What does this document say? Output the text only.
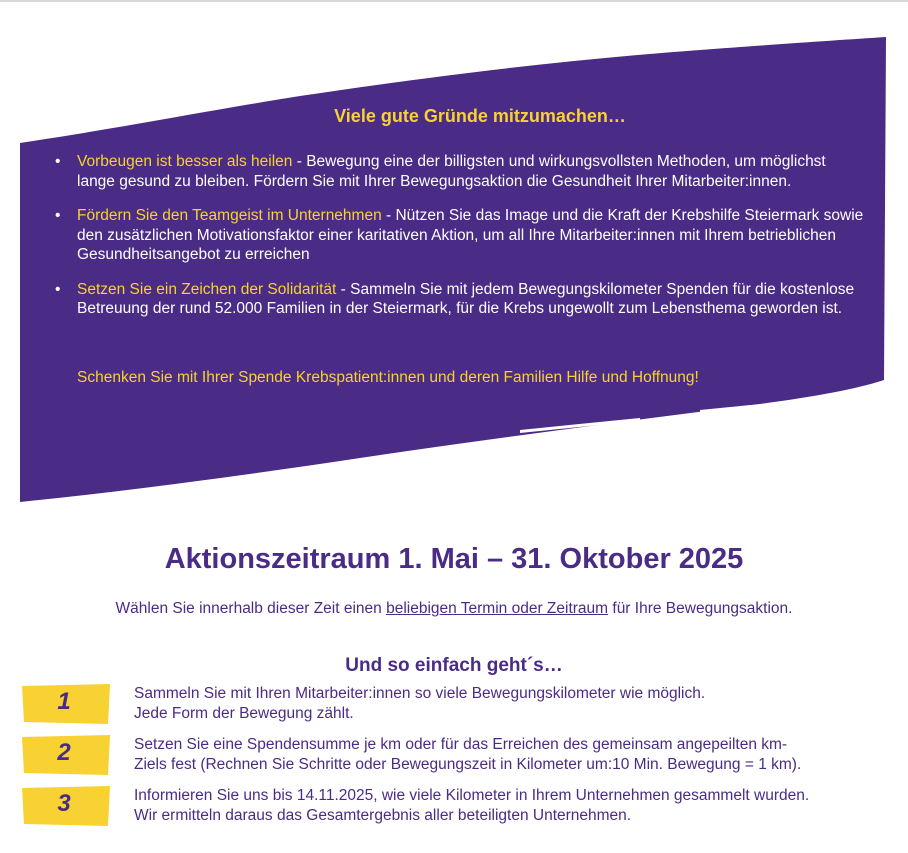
Viele gute Gründe mitzumachen…
• Vorbeugen ist besser als heilen - Bewegung eine der billigsten und wirkungsvollsten Methoden, um möglichst lange gesund zu bleiben. Fördern Sie mit Ihrer Bewegungsaktion die Gesundheit Ihrer Mitarbeiter:innen.
• Fördern Sie den Teamgeist im Unternehmen - Nützen Sie das Image und die Kraft der Krebshilfe Steiermark sowie den zusätzlichen Motivationsfaktor einer karitativen Aktion, um all Ihre Mitarbeiter:innen mit Ihrem betrieblichen Gesundheitsangebot zu erreichen
• Setzen Sie ein Zeichen der Solidarität - Sammeln Sie mit jedem Bewegungskilometer Spenden für die kostenlose Betreuung der rund 52.000 Familien in der Steiermark, für die Krebs ungewollt zum Lebensthema geworden ist.
Schenken Sie mit Ihrer Spende Krebspatient:innen und deren Familien Hilfe und Hoffnung!
Aktionszeitraum 1. Mai – 31. Oktober 2025
Wählen Sie innerhalb dieser Zeit einen beliebigen Termin oder Zeitraum für Ihre Bewegungsaktion.
Und so einfach geht´s…
1	Sammeln Sie mit Ihren Mitarbeiter:innen so viele Bewegungskilometer wie möglich.
Jede Form der Bewegung zählt.
2	Setzen Sie eine Spendensumme je km oder für das Erreichen des gemeinsam angepeilten km-
Ziels fest (Rechnen Sie Schritte oder Bewegungszeit in Kilometer um:10 Min. Bewegung = 1 km).
3	Informieren Sie uns bis 14.11.2025, wie viele Kilometer in Ihrem Unternehmen gesammelt wurden.
Wir ermitteln daraus das Gesamtergebnis aller beteiligten Unternehmen.
